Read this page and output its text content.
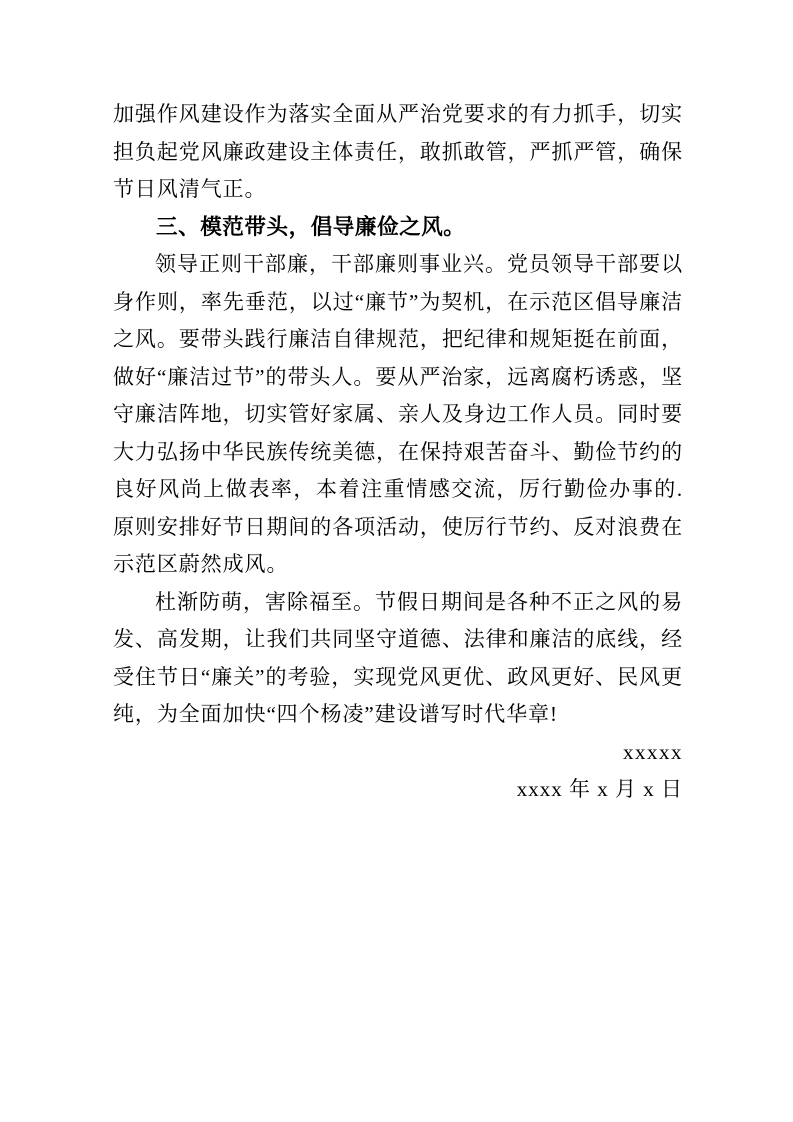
加强作风建设作为落实全面从严治党要求的有力抓手，切实担负起党风廉政建设主体责任，敢抓敢管，严抓严管，确保节日风清气正。

三、模范带头，倡导廉俭之风。

领导正则干部廉，干部廉则事业兴。党员领导干部要以身作则，率先垂范，以过“廉节”为契机，在示范区倡导廉洁之风。要带头践行廉洁自律规范，把纪律和规矩挺在前面，做好“廉洁过节”的带头人。要从严治家，远离腐朽诱惑，坚守廉洁阵地，切实管好家属、亲人及身边工作人员。同时要大力弘扬中华民族传统美德，在保持艰苦奋斗、勤俭节约的良好风尚上做表率，本着注重情感交流，厉行勤俭办事的.原则安排好节日期间的各项活动，使厉行节约、反对浪费在示范区蔚然成风。

杜渐防萌，害除福至。节假日期间是各种不正之风的易发、高发期，让我们共同坚守道德、法律和廉洁的底线，经受住节日“廉关”的考验，实现党风更优、政风更好、民风更纯，为全面加快“四个杨凌”建设谱写时代华章!

xxxxx

xxxx 年 x 月 x 日
